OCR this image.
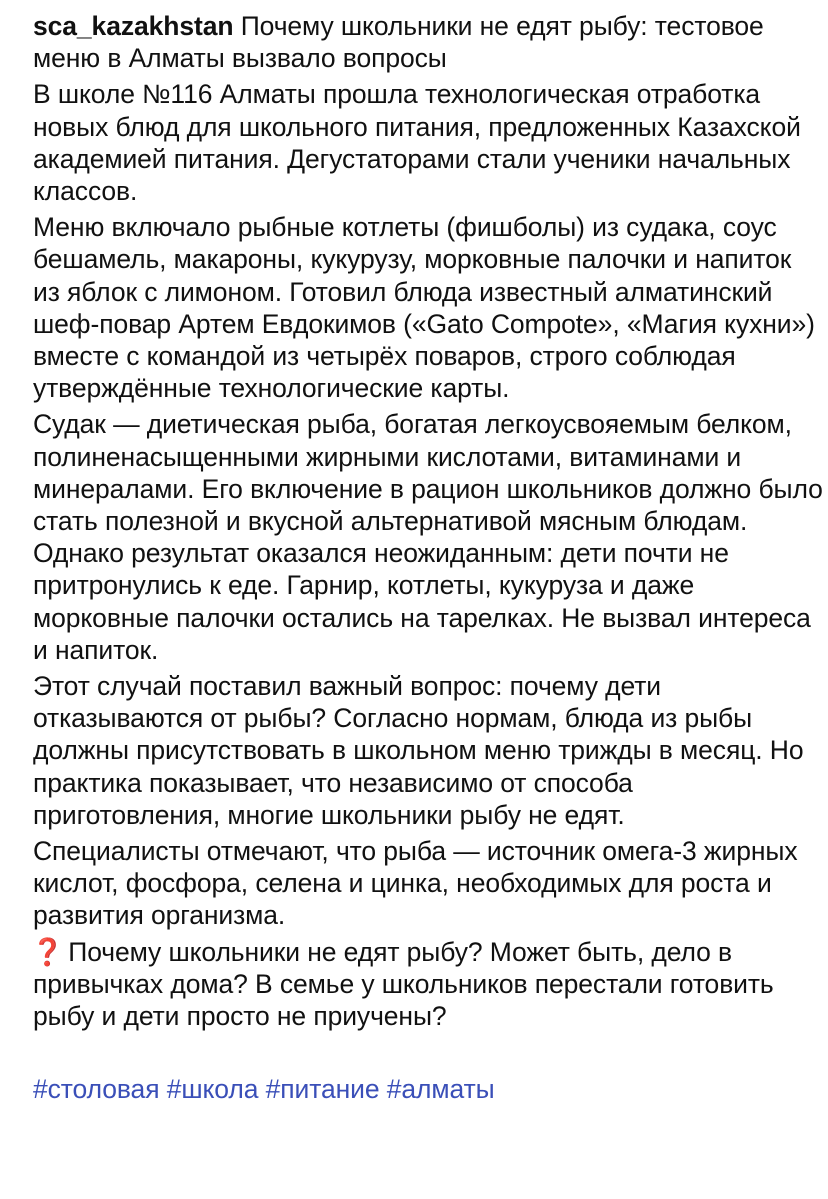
sca_kazakhstan Почему школьники не едят рыбу: тестовое меню в Алматы вызвало вопросы

В школе №116 Алматы прошла технологическая отработка новых блюд для школьного питания, предложенных Казахской академией питания. Дегустаторами стали ученики начальных классов.

Меню включало рыбные котлеты (фишболы) из судака, соус бешамель, макароны, кукурузу, морковные палочки и напиток из яблок с лимоном. Готовил блюда известный алматинский шеф-повар Артем Евдокимов («Gato Compote», «Магия кухни») вместе с командой из четырёх поваров, строго соблюдая утверждённые технологические карты.

Судак — диетическая рыба, богатая легкоусвояемым белком, полиненасыщенными жирными кислотами, витаминами и минералами. Его включение в рацион школьников должно было стать полезной и вкусной альтернативой мясным блюдам. Однако результат оказался неожиданным: дети почти не притронулись к еде. Гарнир, котлеты, кукуруза и даже морковные палочки остались на тарелках. Не вызвал интереса и напиток.

Этот случай поставил важный вопрос: почему дети отказываются от рыбы? Согласно нормам, блюда из рыбы должны присутствовать в школьном меню трижды в месяц. Но практика показывает, что независимо от способа приготовления, многие школьники рыбу не едят.

Специалисты отмечают, что рыба — источник омега-3 жирных кислот, фосфора, селена и цинка, необходимых для роста и развития организма.

❓ Почему школьники не едят рыбу? Может быть, дело в привычках дома? В семье у школьников перестали готовить рыбу и дети просто не приучены?

#столовая #школа #питание #алматы
